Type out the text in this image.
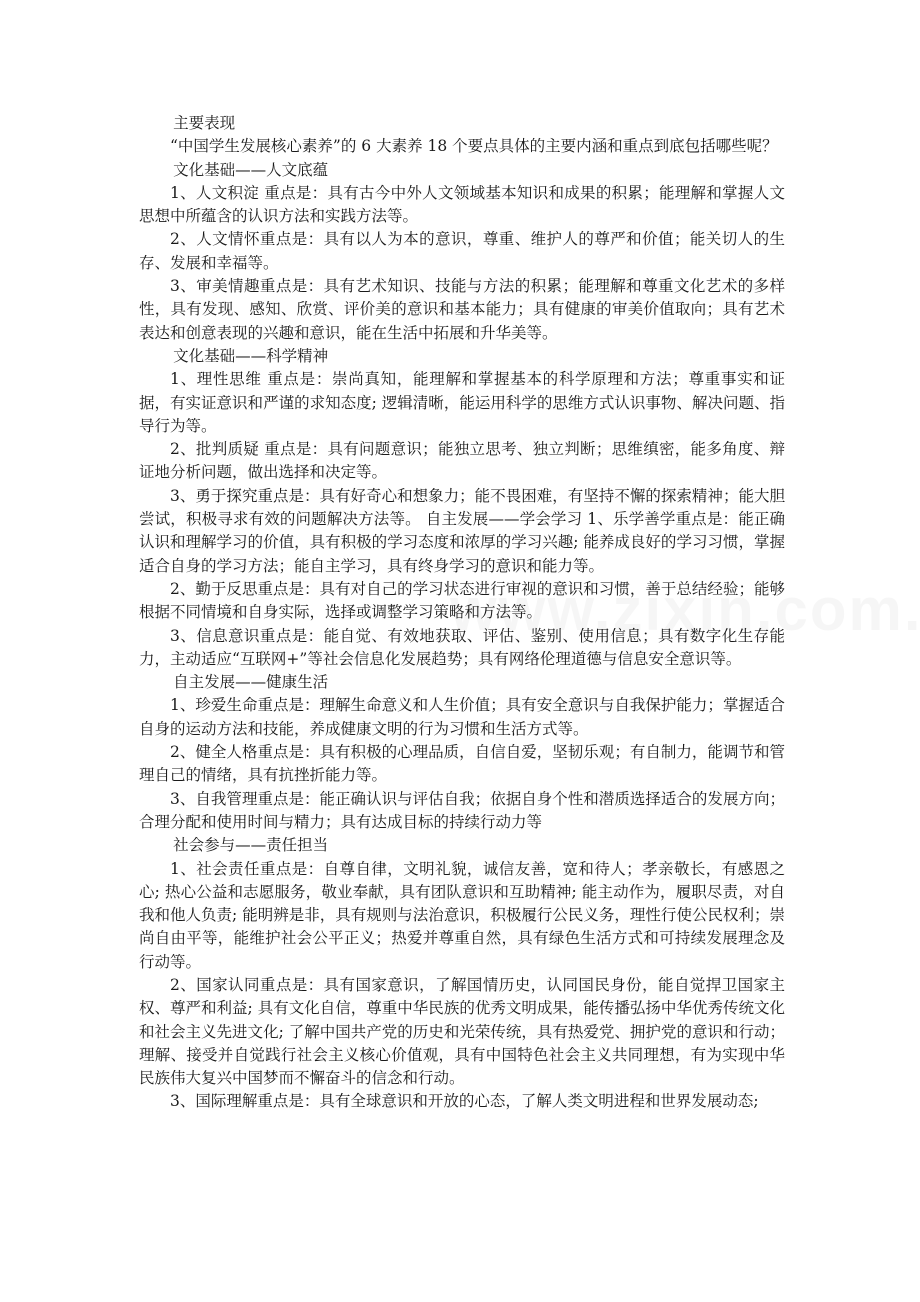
主要表现

“中国学生发展核心素养”的 6 大素养 18 个要点具体的主要内涵和重点到底包括哪些呢？

文化基础——人文底蕴

1、人文积淀 重点是：具有古今中外人文领域基本知识和成果的积累；能理解和掌握人文思想中所蕴含的认识方法和实践方法等。

2、人文情怀重点是：具有以人为本的意识，尊重、维护人的尊严和价值；能关切人的生存、发展和幸福等。

3、审美情趣重点是：具有艺术知识、技能与方法的积累；能理解和尊重文化艺术的多样性，具有发现、感知、欣赏、评价美的意识和基本能力；具有健康的审美价值取向；具有艺术表达和创意表现的兴趣和意识，能在生活中拓展和升华美等。

文化基础——科学精神

1、理性思维 重点是：崇尚真知，能理解和掌握基本的科学原理和方法；尊重事实和证据，有实证意识和严谨的求知态度; 逻辑清晰，能运用科学的思维方式认识事物、解决问题、指导行为等。

2、批判质疑 重点是：具有问题意识；能独立思考、独立判断；思维缜密，能多角度、辩证地分析问题，做出选择和决定等。

3、勇于探究重点是：具有好奇心和想象力；能不畏困难，有坚持不懈的探索精神；能大胆尝试，积极寻求有效的问题解决方法等。 自主发展——学会学习 1、乐学善学重点是：能正确认识和理解学习的价值，具有积极的学习态度和浓厚的学习兴趣; 能养成良好的学习习惯，掌握适合自身的学习方法；能自主学习，具有终身学习的意识和能力等。

2、勤于反思重点是：具有对自己的学习状态进行审视的意识和习惯，善于总结经验；能够根据不同情境和自身实际，选择或调整学习策略和方法等。

3、信息意识重点是：能自觉、有效地获取、评估、鉴别、使用信息；具有数字化生存能力，主动适应“互联网+”等社会信息化发展趋势；具有网络伦理道德与信息安全意识等。

自主发展——健康生活

1、珍爱生命重点是：理解生命意义和人生价值；具有安全意识与自我保护能力；掌握适合自身的运动方法和技能，养成健康文明的行为习惯和生活方式等。

2、健全人格重点是：具有积极的心理品质，自信自爱，坚韧乐观；有自制力，能调节和管理自己的情绪，具有抗挫折能力等。

3、自我管理重点是：能正确认识与评估自我；依据自身个性和潜质选择适合的发展方向；合理分配和使用时间与精力；具有达成目标的持续行动力等

社会参与——责任担当

1、社会责任重点是：自尊自律，文明礼貌，诚信友善，宽和待人；孝亲敬长，有感恩之心; 热心公益和志愿服务，敬业奉献，具有团队意识和互助精神; 能主动作为，履职尽责，对自我和他人负责; 能明辨是非，具有规则与法治意识，积极履行公民义务，理性行使公民权利；崇尚自由平等，能维护社会公平正义；热爱并尊重自然，具有绿色生活方式和可持续发展理念及行动等。

2、国家认同重点是：具有国家意识，了解国情历史，认同国民身份，能自觉捍卫国家主权、尊严和利益; 具有文化自信，尊重中华民族的优秀文明成果，能传播弘扬中华优秀传统文化和社会主义先进文化; 了解中国共产党的历史和光荣传统，具有热爱党、拥护党的意识和行动；理解、接受并自觉践行社会主义核心价值观，具有中国特色社会主义共同理想，有为实现中华民族伟大复兴中国梦而不懈奋斗的信念和行动。

3、国际理解重点是：具有全球意识和开放的心态，了解人类文明进程和世界发展动态;
